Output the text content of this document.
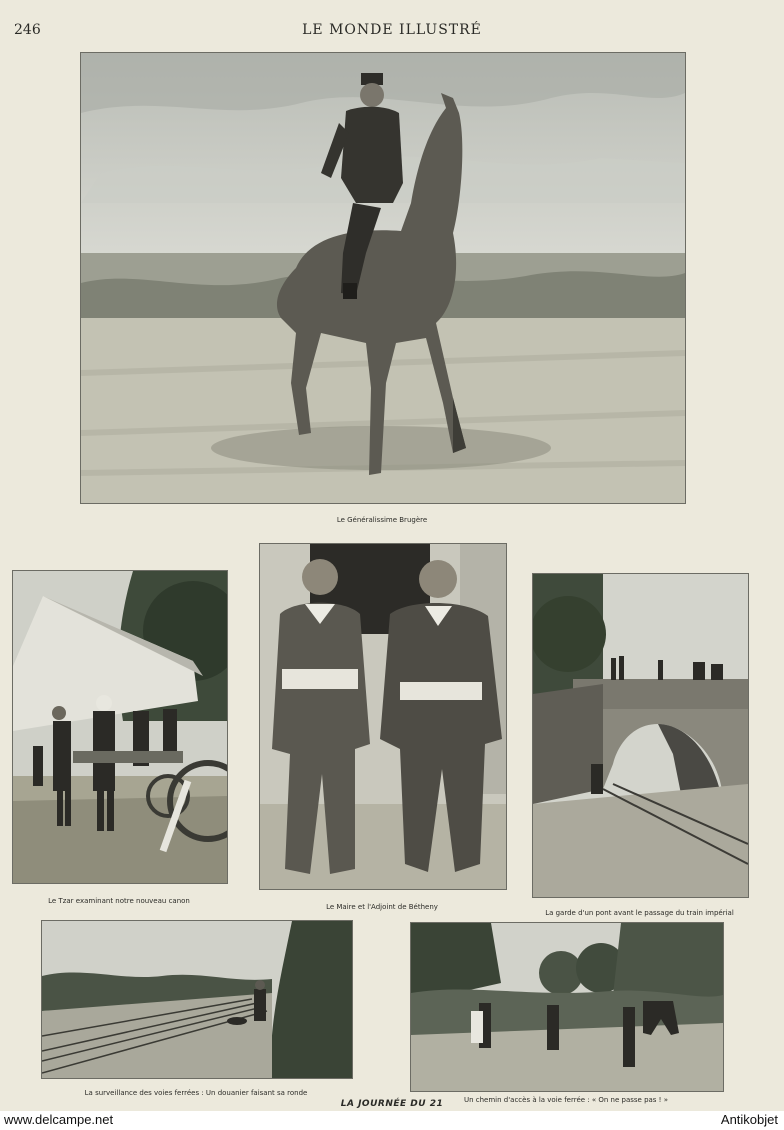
246	LE MONDE ILLUSTRÉ
Le Généralissime Brugère
Le Tzar examinant notre nouveau canon
Le Maire et l'Adjoint de Bétheny
La garde d'un pont avant le passage du train impérial
La surveillance des voies ferrées : Un douanier faisant sa ronde
Un chemin d'accès à la voie ferrée : « On ne passe pas ! »
LA JOURNÉE DU 21
www.delcampe.net	Antikobjet
